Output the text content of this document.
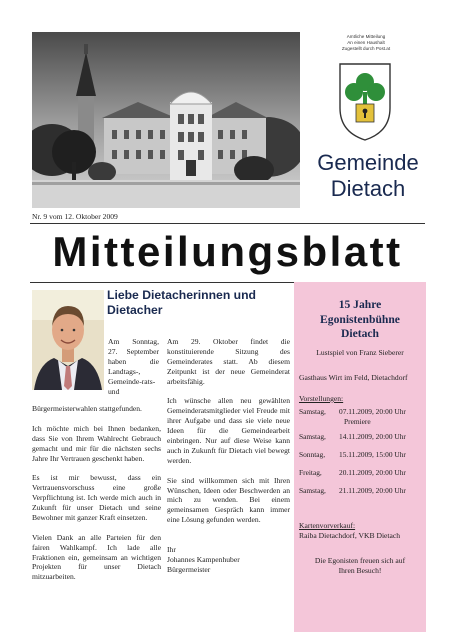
Amtliche Mitteilung
An einen Haushalt
Zugestellt durch Post.at
Gemeinde
Dietach
Nr. 9 vom 12. Oktober 2009
Mitteilungsblatt
Liebe Dietacherinnen und Dietacher

Am Sonntag, 27. September haben die Landtags-, Gemeinde-rats- und

Bürgermeisterwahlen stattgefunden.

Ich möchte mich bei Ihnen bedanken, dass Sie von Ihrem Wahlrecht Gebrauch gemacht und mir für die nächsten sechs Jahre Ihr Vertrauen geschenkt haben.

Es ist mir bewusst, dass ein Vertrauensvorschuss eine große Verpflichtung ist. Ich werde mich auch in Zukunft für unser Dietach und seine Bewohner mit ganzer Kraft einsetzen.

Vielen Dank an alle Parteien für den fairen Wahlkampf. Ich lade alle Fraktionen ein, gemeinsam an wichtigen Projekten für unser Dietach mitzuarbeiten.

Am 29. Oktober findet die konstituierende Sitzung des Gemeinderates statt. Ab diesem Zeitpunkt ist der neue Gemeinderat arbeitsfähig.

Ich wünsche allen neu gewählten Gemeinderatsmitglieder viel Freude mit ihrer Aufgabe und dass sie viele neue Ideen für die Gemeindearbeit einbringen. Nur auf diese Weise kann auch in Zukunft für Dietach viel bewegt werden.

Sie sind willkommen sich mit Ihren Wünschen, Ideen oder Beschwerden an mich zu wenden. Bei einem gemeinsamen Gespräch kann immer eine Lösung gefunden werden.

Ihr
Johannes Kampenhuber
Bürgermeister
15 Jahre
Egonistenbühne
Dietach
Lustspiel von Franz Sieberer
Gasthaus Wirt im Feld, Dietachdorf
Vorstellungen:
Samstag, 07.11.2009, 20:00 Uhr
Premiere
Samstag, 14.11.2009, 20:00 Uhr
Sonntag, 15.11.2009, 15:00 Uhr
Freitag, 20.11.2009, 20:00 Uhr
Samstag, 21.11.2009, 20:00 Uhr
Kartenvorverkauf:
Raiba Dietachdorf, VKB Dietach
Die Egonisten freuen sich auf
Ihren Besuch!
